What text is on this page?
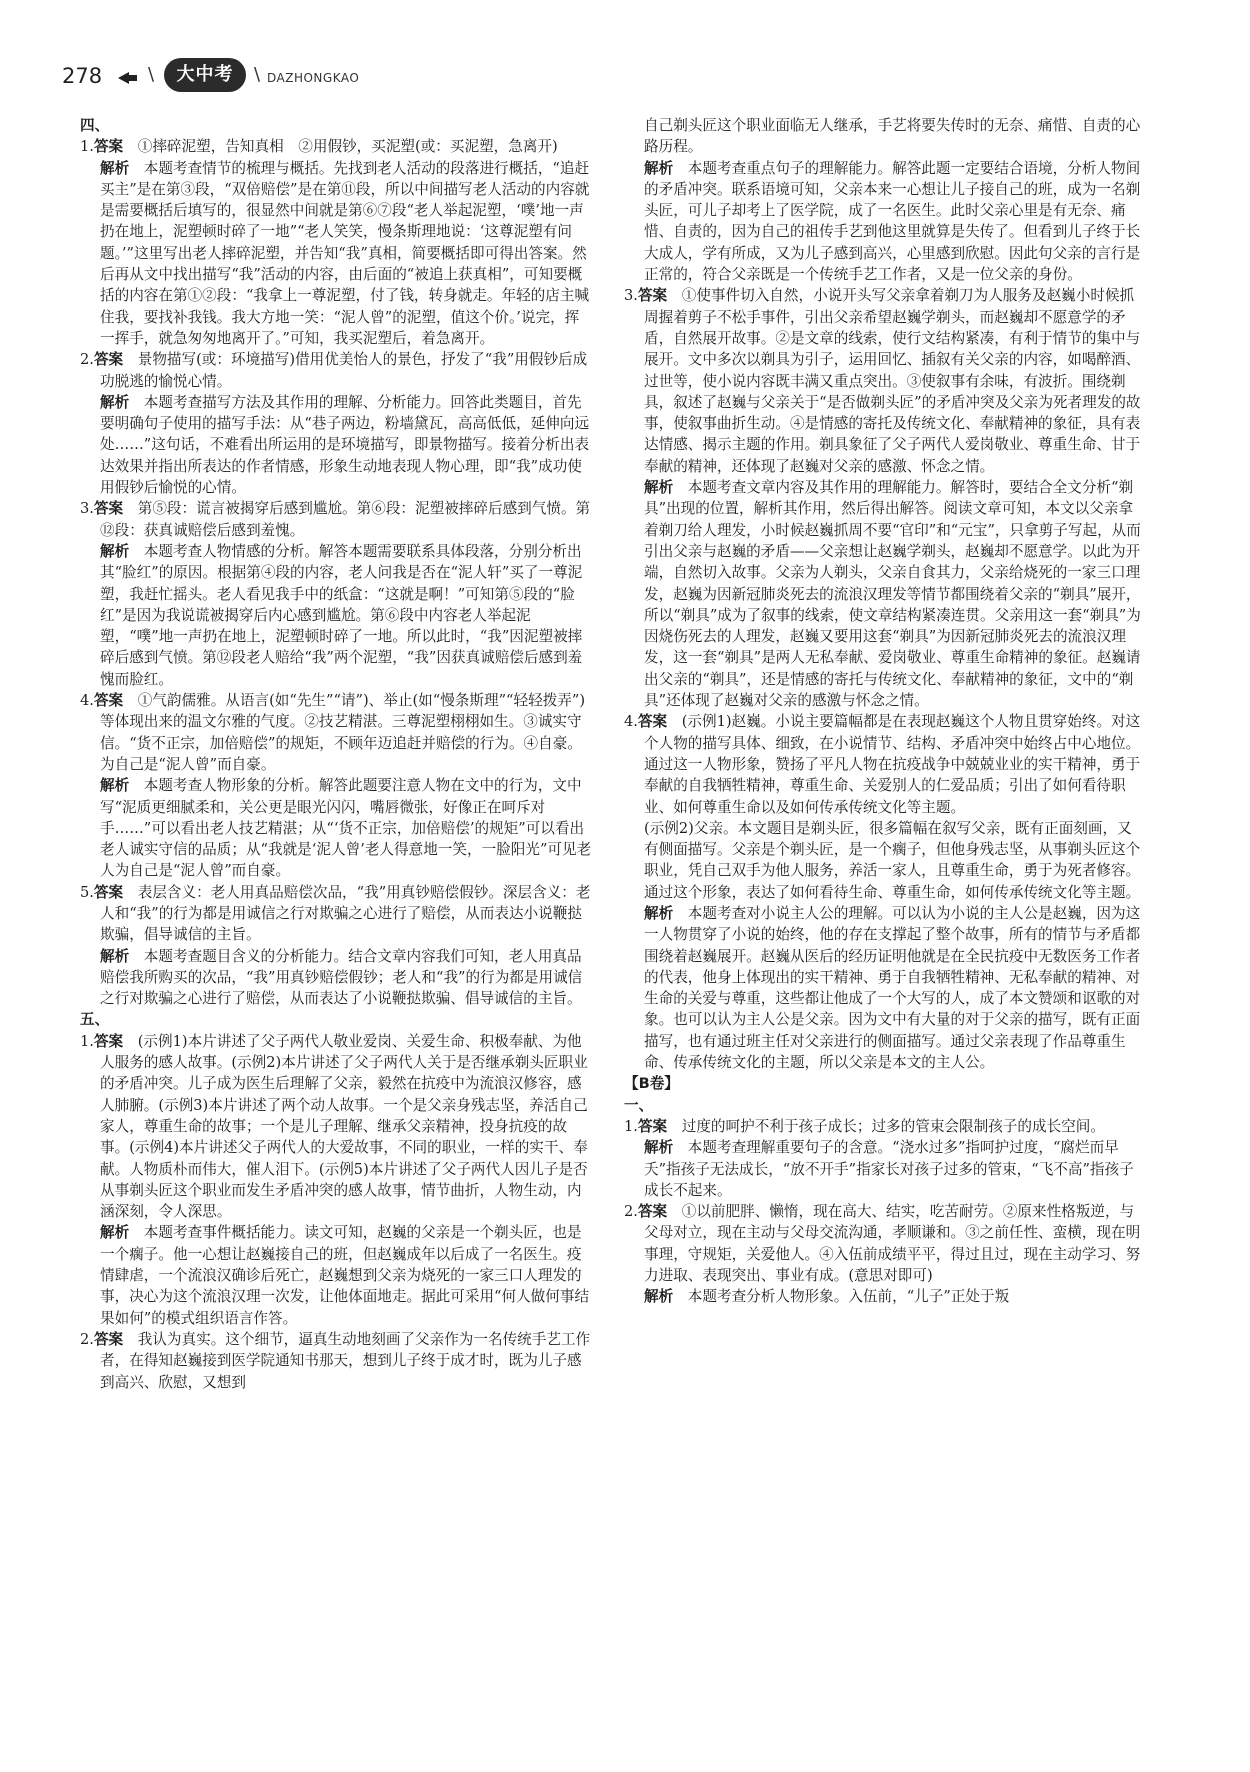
278	\	大中考	\ DAZHONGKAO

四、

1.答案  ①摔碎泥塑，告知真相　②用假钞，买泥塑(或：买泥塑，急离开)

解析  本题考查情节的梳理与概括。先找到老人活动的段落进行概括，“追赶买主”是在第③段，“双倍赔偿”是在第⑪段，所以中间描写老人活动的内容就是需要概括后填写的，很显然中间就是第⑥⑦段“老人举起泥塑，‘噗’地一声扔在地上，泥塑顿时碎了一地”“老人笑笑，慢条斯理地说：‘这尊泥塑有问题。’”这里写出老人摔碎泥塑，并告知“我”真相，简要概括即可得出答案。然后再从文中找出描写“我”活动的内容，由后面的“被追上获真相”，可知要概括的内容在第①②段：“我拿上一尊泥塑，付了钱，转身就走。年轻的店主喊住我，要找补我钱。我大方地一笑：“泥人曾”的泥塑，值这个价。’说完，挥一挥手，就急匆匆地离开了。”可知，我买泥塑后，着急离开。

2.答案  景物描写(或：环境描写)借用优美怡人的景色，抒发了“我”用假钞后成功脱逃的愉悦心情。

解析  本题考查描写方法及其作用的理解、分析能力。回答此类题目，首先要明确句子使用的描写手法：从“巷子两边，粉墙黛瓦，高高低低，延伸向远处……”这句话，不难看出所运用的是环境描写，即景物描写。接着分析出表达效果并指出所表达的作者情感，形象生动地表现人物心理，即“我”成功使用假钞后愉悦的心情。

3.答案  第⑤段：谎言被揭穿后感到尴尬。第⑥段：泥塑被摔碎后感到气愤。第⑫段：获真诚赔偿后感到羞愧。

解析  本题考查人物情感的分析。解答本题需要联系具体段落，分别分析出其“脸红”的原因。根据第④段的内容，老人问我是否在“泥人轩”买了一尊泥塑，我赶忙摇头。老人看见我手中的纸盒：“这就是啊！”可知第⑤段的“脸红”是因为我说谎被揭穿后内心感到尴尬。第⑥段中内容老人举起泥塑，“噗”地一声扔在地上，泥塑顿时碎了一地。所以此时，“我”因泥塑被摔碎后感到气愤。第⑫段老人赔给“我”两个泥塑，“我”因获真诚赔偿后感到羞愧而脸红。

4.答案  ①气韵儒雅。从语言(如“先生”“请”)、举止(如“慢条斯理”“轻轻拨弄”)等体现出来的温文尔雅的气度。②技艺精湛。三尊泥塑栩栩如生。③诚实守信。“货不正宗，加倍赔偿”的规矩，不顾年迈追赶并赔偿的行为。④自豪。为自己是“泥人曾”而自豪。

解析  本题考查人物形象的分析。解答此题要注意人物在文中的行为，文中写“泥质更细腻柔和，关公更是眼光闪闪，嘴唇微张，好像正在呵斥对手……”可以看出老人技艺精湛；从“‘货不正宗，加倍赔偿’的规矩”可以看出老人诚实守信的品质；从“我就是‘泥人曾’老人得意地一笑，一脸阳光”可见老人为自己是“泥人曾”而自豪。

5.答案  表层含义：老人用真品赔偿次品，“我”用真钞赔偿假钞。深层含义：老人和“我”的行为都是用诚信之行对欺骗之心进行了赔偿，从而表达小说鞭挞欺骗，倡导诚信的主旨。

解析  本题考查题目含义的分析能力。结合文章内容我们可知，老人用真品赔偿我所购买的次品，“我”用真钞赔偿假钞；老人和“我”的行为都是用诚信之行对欺骗之心进行了赔偿，从而表达了小说鞭挞欺骗、倡导诚信的主旨。

五、

1.答案  (示例1)本片讲述了父子两代人敬业爱岗、关爱生命、积极奉献、为他人服务的感人故事。(示例2)本片讲述了父子两代人关于是否继承剃头匠职业的矛盾冲突。儿子成为医生后理解了父亲，毅然在抗疫中为流浪汉修容，感人肺腑。(示例3)本片讲述了两个动人故事。一个是父亲身残志坚，养活自己家人，尊重生命的故事；一个是儿子理解、继承父亲精神，投身抗疫的故事。(示例4)本片讲述父子两代人的大爱故事，不同的职业，一样的实干、奉献。人物质朴而伟大，催人泪下。(示例5)本片讲述了父子两代人因儿子是否从事剃头匠这个职业而发生矛盾冲突的感人故事，情节曲折，人物生动，内涵深刻，令人深思。

解析  本题考查事件概括能力。读文可知，赵巍的父亲是一个剃头匠，也是一个瘸子。他一心想让赵巍接自己的班，但赵巍成年以后成了一名医生。疫情肆虐，一个流浪汉确诊后死亡，赵巍想到父亲为烧死的一家三口人理发的事，决心为这个流浪汉理一次发，让他体面地走。据此可采用“何人做何事结果如何”的模式组织语言作答。

2.答案  我认为真实。这个细节，逼真生动地刻画了父亲作为一名传统手艺工作者，在得知赵巍接到医学院通知书那天，想到儿子终于成才时，既为儿子感到高兴、欣慰，又想到

自己剃头匠这个职业面临无人继承，手艺将要失传时的无奈、痛惜、自责的心路历程。

解析  本题考查重点句子的理解能力。解答此题一定要结合语境，分析人物间的矛盾冲突。联系语境可知，父亲本来一心想让儿子接自己的班，成为一名剃头匠，可儿子却考上了医学院，成了一名医生。此时父亲心里是有无奈、痛惜、自责的，因为自己的祖传手艺到他这里就算是失传了。但看到儿子终于长大成人，学有所成，又为儿子感到高兴，心里感到欣慰。因此句父亲的言行是正常的，符合父亲既是一个传统手艺工作者，又是一位父亲的身份。

3.答案  ①使事件切入自然，小说开头写父亲拿着剃刀为人服务及赵巍小时候抓周握着剪子不松手事件，引出父亲希望赵巍学剃头，而赵巍却不愿意学的矛盾，自然展开故事。②是文章的线索，使行文结构紧凑，有利于情节的集中与展开。文中多次以剃具为引子，运用回忆、插叙有关父亲的内容，如喝醉酒、过世等，使小说内容既丰满又重点突出。③使叙事有余味，有波折。围绕剃具，叙述了赵巍与父亲关于“是否做剃头匠”的矛盾冲突及父亲为死者理发的故事，使叙事曲折生动。④是情感的寄托及传统文化、奉献精神的象征，具有表达情感、揭示主题的作用。剃具象征了父子两代人爱岗敬业、尊重生命、甘于奉献的精神，还体现了赵巍对父亲的感激、怀念之情。

解析  本题考查文章内容及其作用的理解能力。解答时，要结合全文分析“剃具”出现的位置，解析其作用，然后得出解答。阅读文章可知，本文以父亲拿着剃刀给人理发，小时候赵巍抓周不要“官印”和“元宝”，只拿剪子写起，从而引出父亲与赵巍的矛盾——父亲想让赵巍学剃头，赵巍却不愿意学。以此为开端，自然切入故事。父亲为人剃头，父亲自食其力，父亲给烧死的一家三口理发，赵巍为因新冠肺炎死去的流浪汉理发等情节都围绕着父亲的“剃具”展开，所以“剃具”成为了叙事的线索，使文章结构紧凑连贯。父亲用这一套“剃具”为因烧伤死去的人理发，赵巍又要用这套“剃具”为因新冠肺炎死去的流浪汉理发，这一套“剃具”是两人无私奉献、爱岗敬业、尊重生命精神的象征。赵巍请出父亲的“剃具”，还是情感的寄托与传统文化、奉献精神的象征，文中的“剃具”还体现了赵巍对父亲的感激与怀念之情。

4.答案  (示例1)赵巍。小说主要篇幅都是在表现赵巍这个人物且贯穿始终。对这个人物的描写具体、细致，在小说情节、结构、矛盾冲突中始终占中心地位。通过这一人物形象，赞扬了平凡人物在抗疫战争中兢兢业业的实干精神，勇于奉献的自我牺牲精神，尊重生命、关爱别人的仁爱品质；引出了如何看待职业、如何尊重生命以及如何传承传统文化等主题。

(示例2)父亲。本文题目是剃头匠，很多篇幅在叙写父亲，既有正面刻画，又有侧面描写。父亲是个剃头匠，是一个瘸子，但他身残志坚，从事剃头匠这个职业，凭自己双手为他人服务，养活一家人，且尊重生命，勇于为死者修容。通过这个形象，表达了如何看待生命、尊重生命，如何传承传统文化等主题。

解析  本题考查对小说主人公的理解。可以认为小说的主人公是赵巍，因为这一人物贯穿了小说的始终，他的存在支撑起了整个故事，所有的情节与矛盾都围绕着赵巍展开。赵巍从医后的经历证明他就是在全民抗疫中无数医务工作者的代表，他身上体现出的实干精神、勇于自我牺牲精神、无私奉献的精神、对生命的关爱与尊重，这些都让他成了一个大写的人，成了本文赞颂和讴歌的对象。也可以认为主人公是父亲。因为文中有大量的对于父亲的描写，既有正面描写，也有通过班主任对父亲进行的侧面描写。通过父亲表现了作品尊重生命、传承传统文化的主题，所以父亲是本文的主人公。

【B卷】

一、

1.答案  过度的呵护不利于孩子成长；过多的管束会限制孩子的成长空间。

解析  本题考查理解重要句子的含意。“浇水过多”指呵护过度，“腐烂而早夭”指孩子无法成长，“放不开手”指家长对孩子过多的管束，“飞不高”指孩子成长不起来。

2.答案  ①以前肥胖、懒惰，现在高大、结实，吃苦耐劳。②原来性格叛逆，与父母对立，现在主动与父母交流沟通，孝顺谦和。③之前任性、蛮横，现在明事理，守规矩，关爱他人。④入伍前成绩平平，得过且过，现在主动学习、努力进取、表现突出、事业有成。(意思对即可)

解析  本题考查分析人物形象。入伍前，“儿子”正处于叛
